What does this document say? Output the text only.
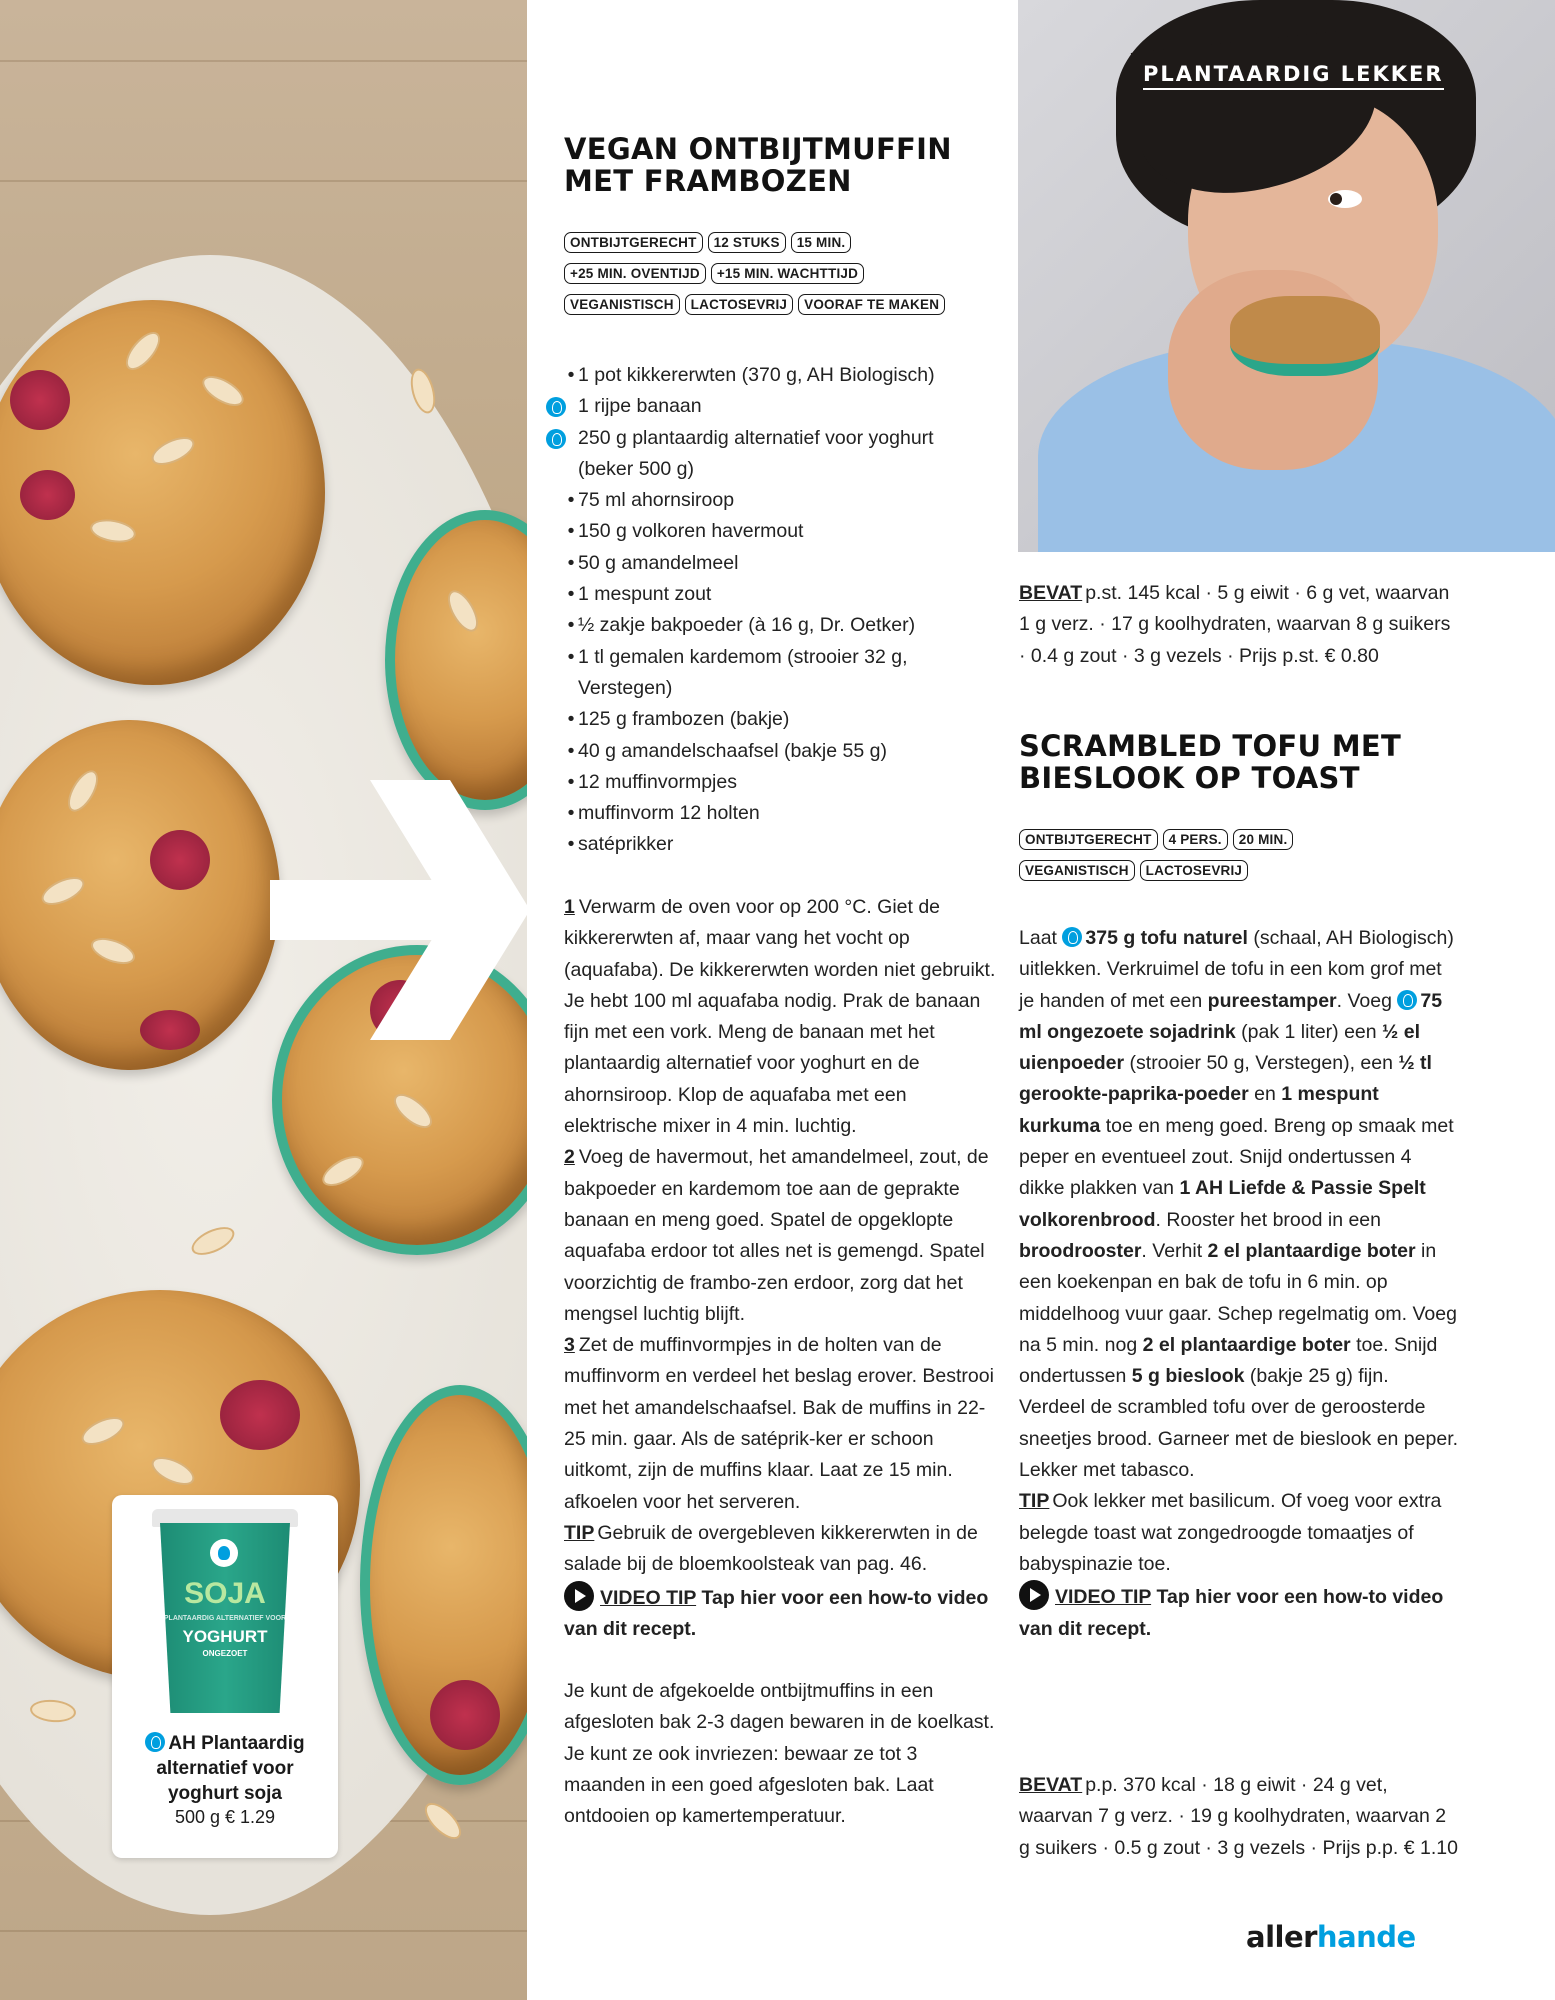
SOJA
PLANTAARDIG ALTERNATIEF VOOR
YOGHURT
ONGEZOET
AH Plantaardig
alternatief voor
yoghurt soja
500 g € 1.29
VEGAN ONTBIJTMUFFIN
MET FRAMBOZEN
ONTBIJTGERECHT	12 STUKS	15 MIN.
+25 MIN. OVENTIJD	+15 MIN. WACHTTIJD
VEGANISTISCH	LACTOSEVRIJ	VOORAF TE MAKEN
• 1 pot kikkererwten (370 g, AH Biologisch)
1 rijpe banaan
250 g plantaardig alternatief voor yoghurt
(beker 500 g)
• 75 ml ahornsiroop
• 150 g volkoren havermout
• 50 g amandelmeel
• 1 mespunt zout
• ½ zakje bakpoeder (à 16 g, Dr. Oetker)
• 1 tl gemalen kardemom (strooier 32 g,
Verstegen)
• 125 g frambozen (bakje)
• 40 g amandelschaafsel (bakje 55 g)
• 12 muffinvormpjes
• muffinvorm 12 holten
• satéprikker

1 Verwarm de oven voor op 200 °C. Giet de kikkererwten af, maar vang het vocht op (aquafaba). De kikkererwten worden niet gebruikt. Je hebt 100 ml aquafaba nodig. Prak de banaan fijn met een vork. Meng de banaan met het plantaardig alternatief voor yoghurt en de ahornsiroop. Klop de aquafaba met een elektrische mixer in 4 min. luchtig.

2 Voeg de havermout, het amandelmeel, zout, de bakpoeder en kardemom toe aan de geprakte banaan en meng goed. Spatel de opgeklopte aquafaba erdoor tot alles net is gemengd. Spatel voorzichtig de frambo-zen erdoor, zorg dat het mengsel luchtig blijft.

3 Zet de muffinvormpjes in de holten van de muffinvorm en verdeel het beslag erover. Bestrooi met het amandelschaafsel. Bak de muffins in 22-25 min. gaar. Als de satéprik-ker er schoon uitkomt, zijn de muffins klaar. Laat ze 15 min. afkoelen voor het serveren.

TIP Gebruik de overgebleven kikkererwten in de salade bij de bloemkoolsteak van pag. 46.

VIDEO TIP Tap hier voor een how-to video van dit recept.

Je kunt de afgekoelde ontbijtmuffins in een afgesloten bak 2-3 dagen bewaren in de koelkast. Je kunt ze ook invriezen: bewaar ze tot 3 maanden in een goed afgesloten bak. Laat ontdooien op kamertemperatuur.

PLANTAARDIG LEKKER
BEVAT p.st. 145 kcal · 5 g eiwit · 6 g vet, waarvan 1 g verz. · 17 g koolhydraten, waarvan 8 g suikers · 0.4 g zout · 3 g vezels · Prijs p.st. € 0.80
SCRAMBLED TOFU MET
BIESLOOK OP TOAST
ONTBIJTGERECHT	4 PERS.	20 MIN.
VEGANISTISCH	LACTOSEVRIJ

Laat 375 g tofu naturel (schaal, AH Biologisch) uitlekken. Verkruimel de tofu in een kom grof met je handen of met een pureestamper. Voeg 75 ml ongezoete sojadrink (pak 1 liter) een ½ el uienpoeder (strooier 50 g, Verstegen), een ½ tl gerookte-paprika-poeder en 1 mespunt kurkuma toe en meng goed. Breng op smaak met peper en eventueel zout. Snijd ondertussen 4 dikke plakken van 1 AH Liefde & Passie Spelt volkorenbrood. Rooster het brood in een broodrooster. Verhit 2 el plantaardige boter in een koekenpan en bak de tofu in 6 min. op middelhoog vuur gaar. Schep regelmatig om. Voeg na 5 min. nog 2 el plantaardige boter toe. Snijd ondertussen 5 g bieslook (bakje 25 g) fijn. Verdeel de scrambled tofu over de geroosterde sneetjes brood. Garneer met de bieslook en peper. Lekker met tabasco.

TIP Ook lekker met basilicum. Of voeg voor extra belegde toast wat zongedroogde tomaatjes of babyspinazie toe.

VIDEO TIP Tap hier voor een how-to video van dit recept.

BEVAT p.p. 370 kcal · 18 g eiwit · 24 g vet, waarvan 7 g verz. · 19 g koolhydraten, waarvan 2 g suikers · 0.5 g zout · 3 g vezels · Prijs p.p. € 1.10
allerhande
